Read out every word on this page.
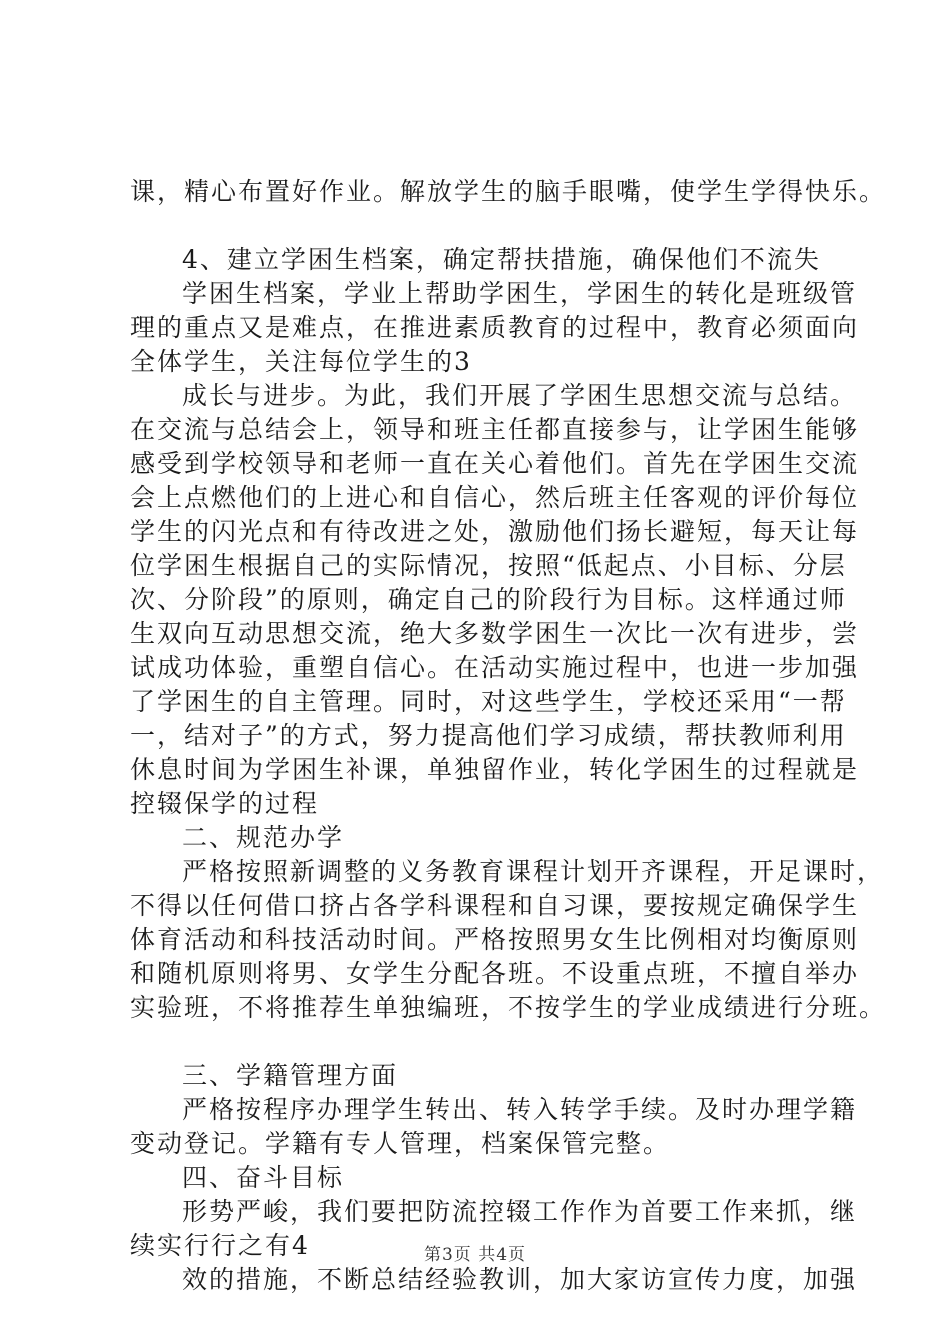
课，精心布置好作业。解放学生的脑手眼嘴，使学生学得快乐。
4、建立学困生档案，确定帮扶措施，确保他们不流失
学困生档案，学业上帮助学困生，学困生的转化是班级管
理的重点又是难点，在推进素质教育的过程中，教育必须面向
全体学生，关注每位学生的3
成长与进步。为此，我们开展了学困生思想交流与总结。
在交流与总结会上，领导和班主任都直接参与，让学困生能够
感受到学校领导和老师一直在关心着他们。首先在学困生交流
会上点燃他们的上进心和自信心，然后班主任客观的评价每位
学生的闪光点和有待改进之处，激励他们扬长避短，每天让每
位学困生根据自己的实际情况，按照“低起点、小目标、分层
次、分阶段”的原则，确定自己的阶段行为目标。这样通过师
生双向互动思想交流，绝大多数学困生一次比一次有进步，尝
试成功体验，重塑自信心。在活动实施过程中，也进一步加强
了学困生的自主管理。同时，对这些学生，学校还采用“一帮
一，结对子”的方式，努力提高他们学习成绩，帮扶教师利用
休息时间为学困生补课，单独留作业，转化学困生的过程就是
控辍保学的过程
二、规范办学
严格按照新调整的义务教育课程计划开齐课程，开足课时，
不得以任何借口挤占各学科课程和自习课，要按规定确保学生
体育活动和科技活动时间。严格按照男女生比例相对均衡原则
和随机原则将男、女学生分配各班。不设重点班，不擅自举办
实验班，不将推荐生单独编班，不按学生的学业成绩进行分班。
三、学籍管理方面
严格按程序办理学生转出、转入转学手续。及时办理学籍
变动登记。学籍有专人管理，档案保管完整。
四、奋斗目标
形势严峻，我们要把防流控辍工作作为首要工作来抓，继
续实行行之有4
效的措施，不断总结经验教训，加大家访宣传力度，加强
第3页 共4页
